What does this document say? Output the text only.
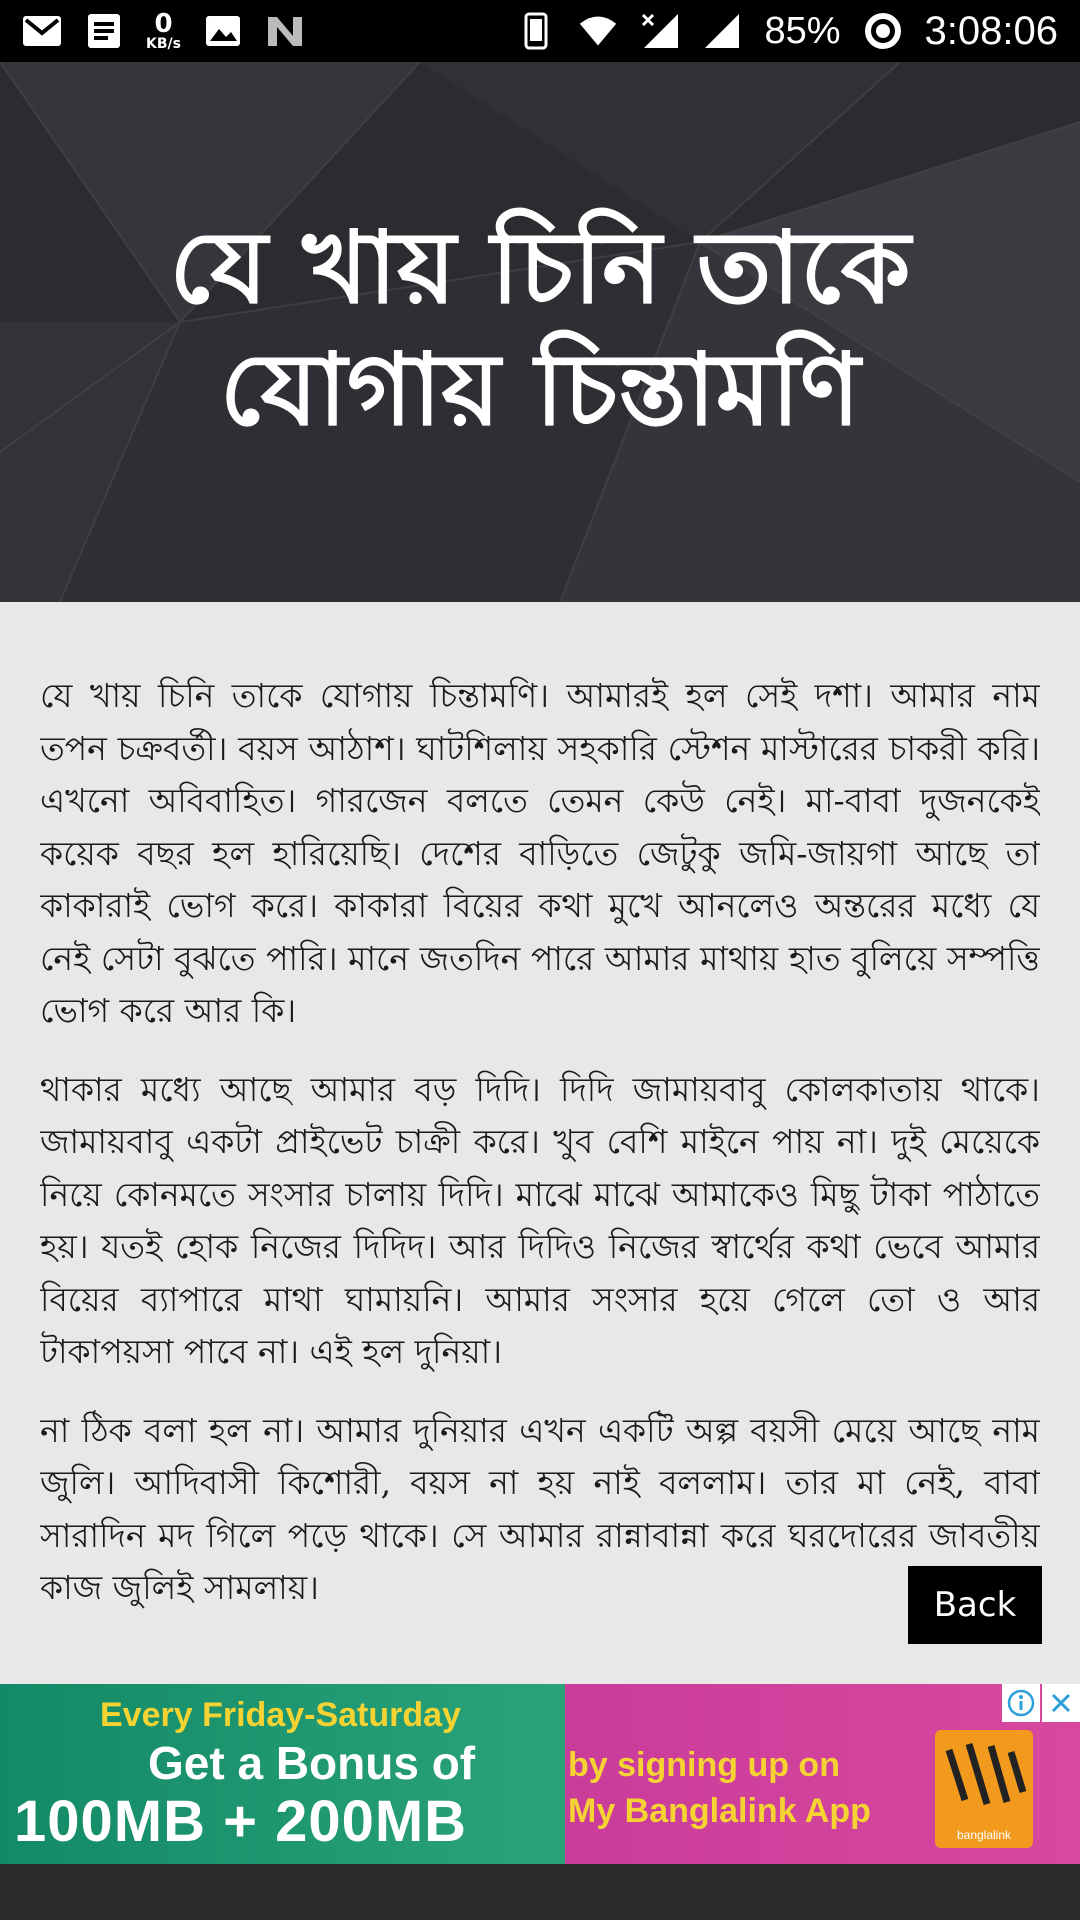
0
KB/s	85% 3:08:06
যে খায় চিনি তাকে যোগায় চিন্তামণি

যে খায় চিনি তাকে যোগায় চিন্তামণি। আমারই হল সেই দশা। আমার নাম তপন চক্রবর্তী। বয়স আঠাশ। ঘাটশিলায় সহকারি স্টেশন মাস্টারের চাকরী করি। এখনো অবিবাহিত। গারজেন বলতে তেমন কেউ নেই। মা-বাবা দুজনকেই কয়েক বছর হল হারিয়েছি। দেশের বাড়িতে জেটুকু জমি-জায়গা আছে তা কাকারাই ভোগ করে। কাকারা বিয়ের কথা মুখে আনলেও অন্তরের মধ্যে যে নেই সেটা বুঝতে পারি। মানে জতদিন পারে আমার মাথায় হাত বুলিয়ে সম্পত্তি ভোগ করে আর কি।

থাকার মধ্যে আছে আমার বড় দিদি। দিদি জামায়বাবু কোলকাতায় থাকে। জামায়বাবু একটা প্রাইভেট চাক্রী করে। খুব বেশি মাইনে পায় না। দুই মেয়েকে নিয়ে কোনমতে সংসার চালায় দিদি। মাঝে মাঝে আমাকেও মিছু টাকা পাঠাতে হয়। যতই হোক নিজের দিদিদ। আর দিদিও নিজের স্বার্থের কথা ভেবে আমার বিয়ের ব্যাপারে মাথা ঘামায়নি। আমার সংসার হয়ে গেলে তো ও আর টাকাপয়সা পাবে না। এই হল দুনিয়া।

না ঠিক বলা হল না। আমার দুনিয়ার এখন একটি অল্প বয়সী মেয়ে আছে নাম জুলি। আদিবাসী কিশোরী, বয়স না হয় নাই বললাম। তার মা নেই, বাবা সারাদিন মদ গিলে পড়ে থাকে। সে আমার রান্নাবান্না করে ঘরদোরের জাবতীয় কাজ জুলিই সামলায়।	Back
Every Friday-Saturday
Get a Bonus of
100MB + 200MB
by signing up on
My Banglalink App
banglalink
